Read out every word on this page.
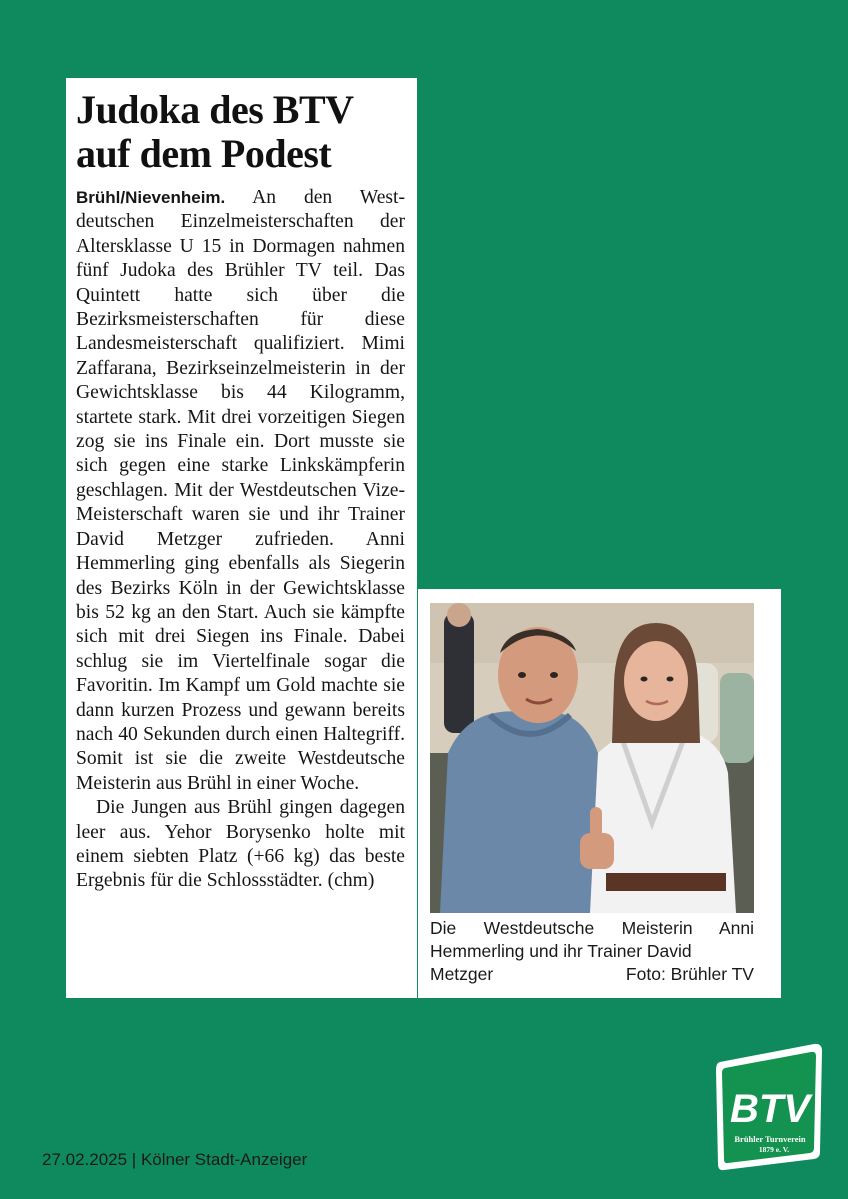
Judoka des BTV
auf dem Podest

Brühl/Nievenheim. An den Westdeutschen Einzelmeisterschaften der Altersklasse U 15 in Dormagen nahmen fünf Judoka des Brühler TV teil. Das Quintett hatte sich über die Bezirksmeisterschaften für diese Landesmeisterschaft qualifiziert. Mimi Zaffarana, Bezirkseinzelmeisterin in der Gewichtsklasse bis 44 Kilogramm, startete stark. Mit drei vorzeitigen Siegen zog sie ins Finale ein. Dort musste sie sich gegen eine starke Linkskämpferin geschlagen. Mit der Westdeutschen Vize-Meisterschaft waren sie und ihr Trainer David Metzger zufrieden. Anni Hemmerling ging ebenfalls als Siegerin des Bezirks Köln in der Gewichtsklasse bis 52 kg an den Start. Auch sie kämpfte sich mit drei Siegen ins Finale. Dabei schlug sie im Viertelfinale sogar die Favoritin. Im Kampf um Gold machte sie dann kurzen Prozess und gewann bereits nach 40 Sekunden durch einen Haltegriff. Somit ist sie die zweite Westdeutsche Meisterin aus Brühl in einer Woche.

Die Jungen aus Brühl gingen dagegen leer aus. Yehor Borysenko holte mit einem siebten Platz (+66 kg) das beste Ergebnis für die Schlossstädter. (chm)

Die Westdeutsche Meisterin Anni Hemmerling und ihr Trainer David
Metzger	Foto: Brühler TV
27.02.2025 | Kölner Stadt-Anzeiger
BTV
Brühler Turnverein
1879 e. V.
